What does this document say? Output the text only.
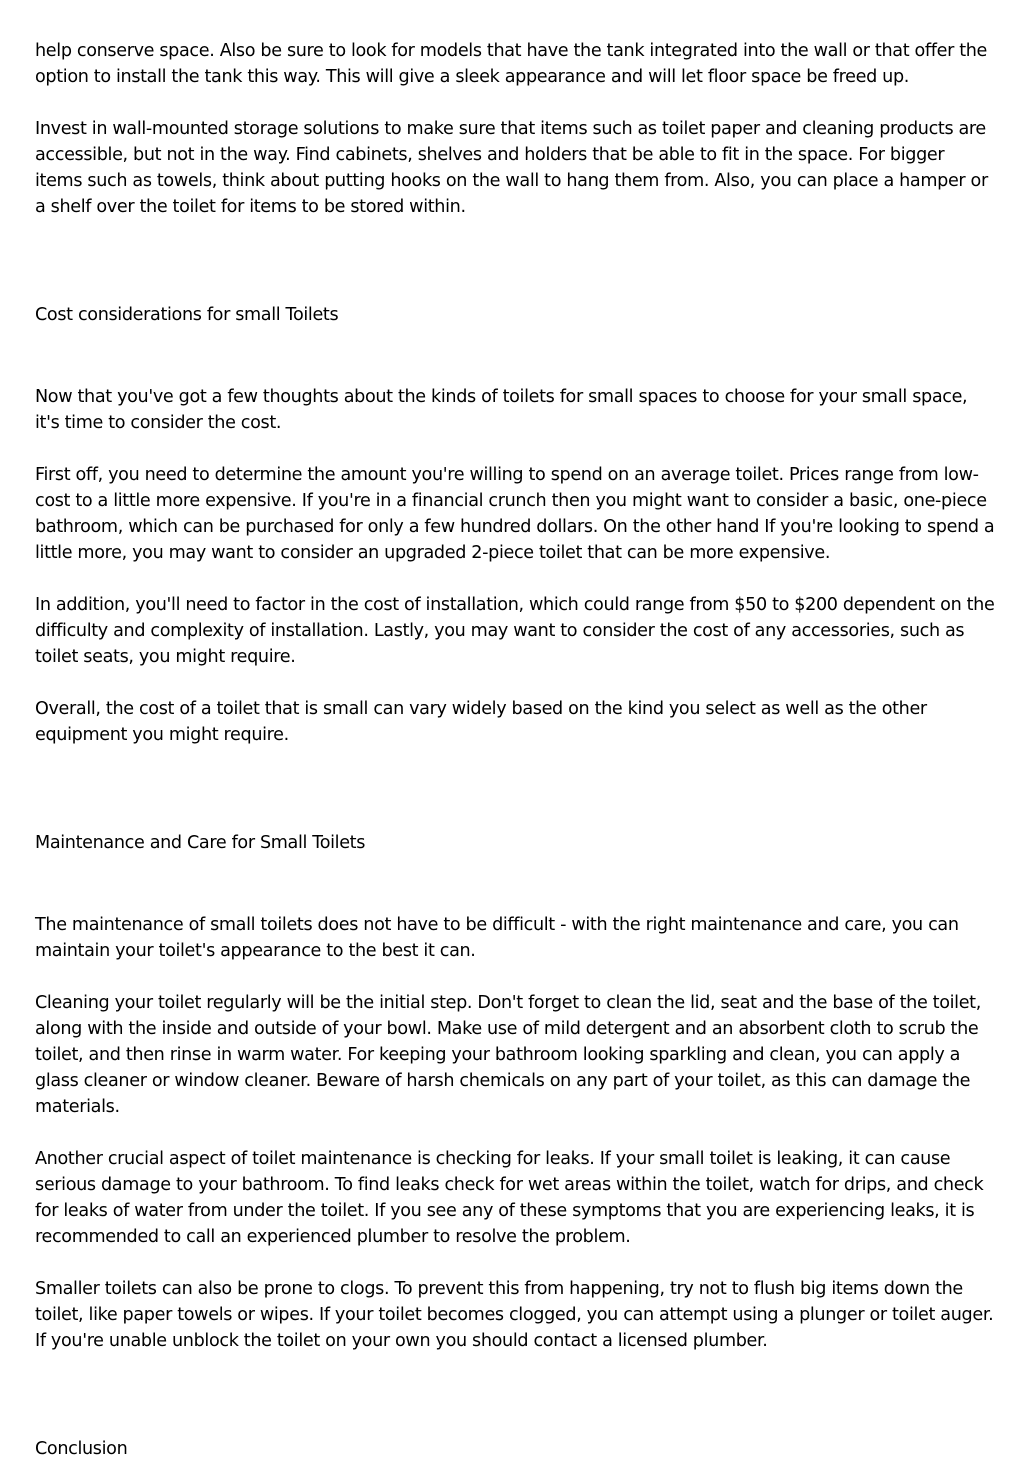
help conserve space. Also be sure to look for models that have the tank integrated into the wall or that offer the option to install the tank this way. This will give a sleek appearance and will let floor space be freed up.

Invest in wall-mounted storage solutions to make sure that items such as toilet paper and cleaning products are accessible, but not in the way. Find cabinets, shelves and holders that be able to fit in the space. For bigger items such as towels, think about putting hooks on the wall to hang them from. Also, you can place a hamper or a shelf over the toilet for items to be stored within.

Cost considerations for small Toilets

Now that you've got a few thoughts about the kinds of toilets for small spaces to choose for your small space, it's time to consider the cost.

First off, you need to determine the amount you're willing to spend on an average toilet. Prices range from low-cost to a little more expensive. If you're in a financial crunch then you might want to consider a basic, one-piece bathroom, which can be purchased for only a few hundred dollars. On the other hand If you're looking to spend a little more, you may want to consider an upgraded 2-piece toilet that can be more expensive.

In addition, you'll need to factor in the cost of installation, which could range from $50 to $200 dependent on the difficulty and complexity of installation. Lastly, you may want to consider the cost of any accessories, such as toilet seats, you might require.

Overall, the cost of a toilet that is small can vary widely based on the kind you select as well as the other equipment you might require.

Maintenance and Care for Small Toilets

The maintenance of small toilets does not have to be difficult - with the right maintenance and care, you can maintain your toilet's appearance to the best it can.

Cleaning your toilet regularly will be the initial step. Don't forget to clean the lid, seat and the base of the toilet, along with the inside and outside of your bowl. Make use of mild detergent and an absorbent cloth to scrub the toilet, and then rinse in warm water. For keeping your bathroom looking sparkling and clean, you can apply a glass cleaner or window cleaner. Beware of harsh chemicals on any part of your toilet, as this can damage the materials.

Another crucial aspect of toilet maintenance is checking for leaks. If your small toilet is leaking, it can cause serious damage to your bathroom. To find leaks check for wet areas within the toilet, watch for drips, and check for leaks of water from under the toilet. If you see any of these symptoms that you are experiencing leaks, it is recommended to call an experienced plumber to resolve the problem.

Smaller toilets can also be prone to clogs. To prevent this from happening, try not to flush big items down the toilet, like paper towels or wipes. If your toilet becomes clogged, you can attempt using a plunger or toilet auger. If you're unable unblock the toilet on your own you should contact a licensed plumber.

Conclusion
